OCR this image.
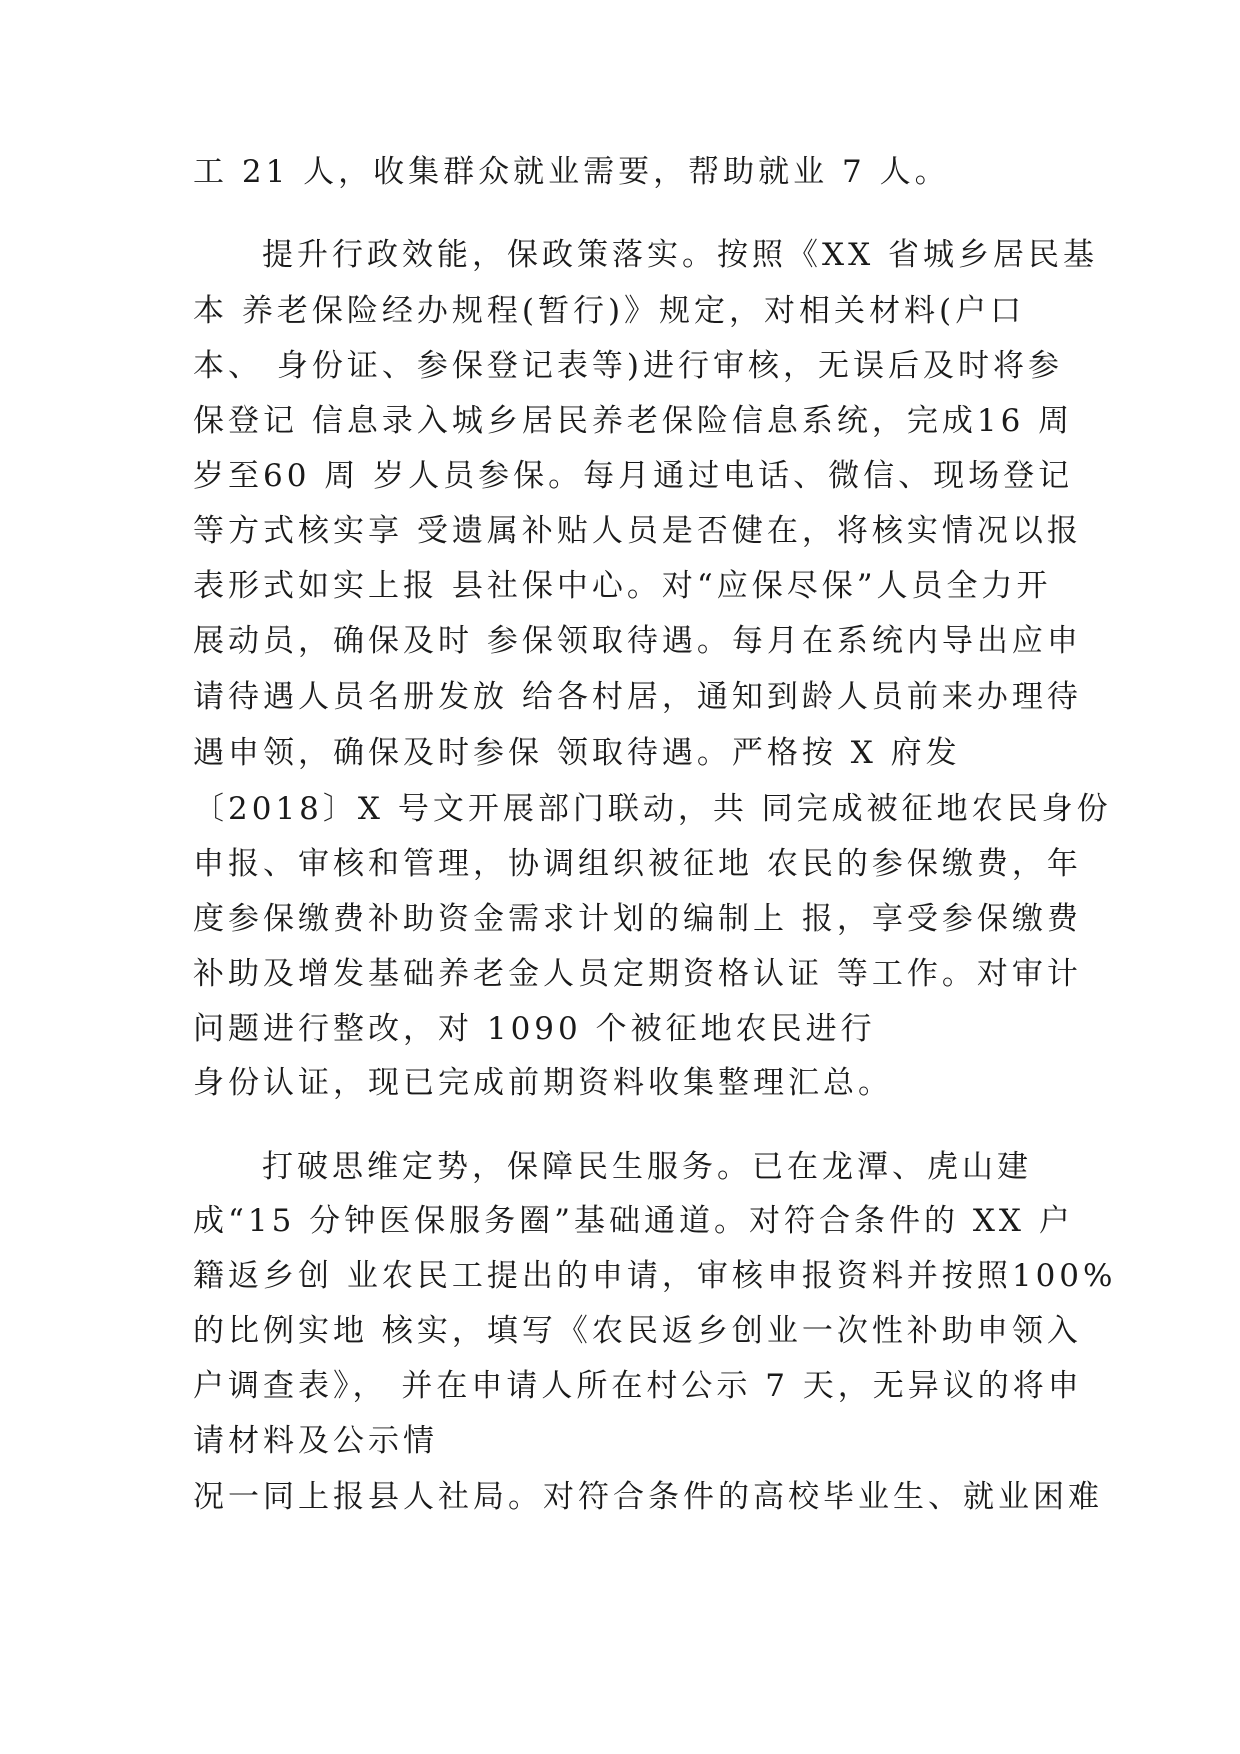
工 21 人，收集群众就业需要，帮助就业 7 人。

提升行政效能，保政策落实。按照《XX 省城乡居民基

本 养老保险经办规程(暂行)》规定，对相关材料(户口

本、 身份证、参保登记表等)进行审核，无误后及时将参

保登记 信息录入城乡居民养老保险信息系统，完成16 周

岁至60 周 岁人员参保。每月通过电话、微信、现场登记

等方式核实享 受遗属补贴人员是否健在，将核实情况以报

表形式如实上报 县社保中心。对“应保尽保”人员全力开

展动员，确保及时 参保领取待遇。每月在系统内导出应申

请待遇人员名册发放 给各村居，通知到龄人员前来办理待

遇申领，确保及时参保 领取待遇。严格按 X 府发

〔2018〕X 号文开展部门联动，共 同完成被征地农民身份

申报、审核和管理，协调组织被征地 农民的参保缴费，年

度参保缴费补助资金需求计划的编制上 报，享受参保缴费

补助及增发基础养老金人员定期资格认证 等工作。对审计

问题进行整改，对 1090 个被征地农民进行

身份认证，现已完成前期资料收集整理汇总。

打破思维定势，保障民生服务。已在龙潭、虎山建

成“15 分钟医保服务圈”基础通道。对符合条件的 XX 户

籍返乡创 业农民工提出的申请，审核申报资料并按照100%

的比例实地 核实，填写《农民返乡创业一次性补助申领入

户调查表》， 并在申请人所在村公示 7 天，无异议的将申

请材料及公示情

况一同上报县人社局。对符合条件的高校毕业生、就业困难
